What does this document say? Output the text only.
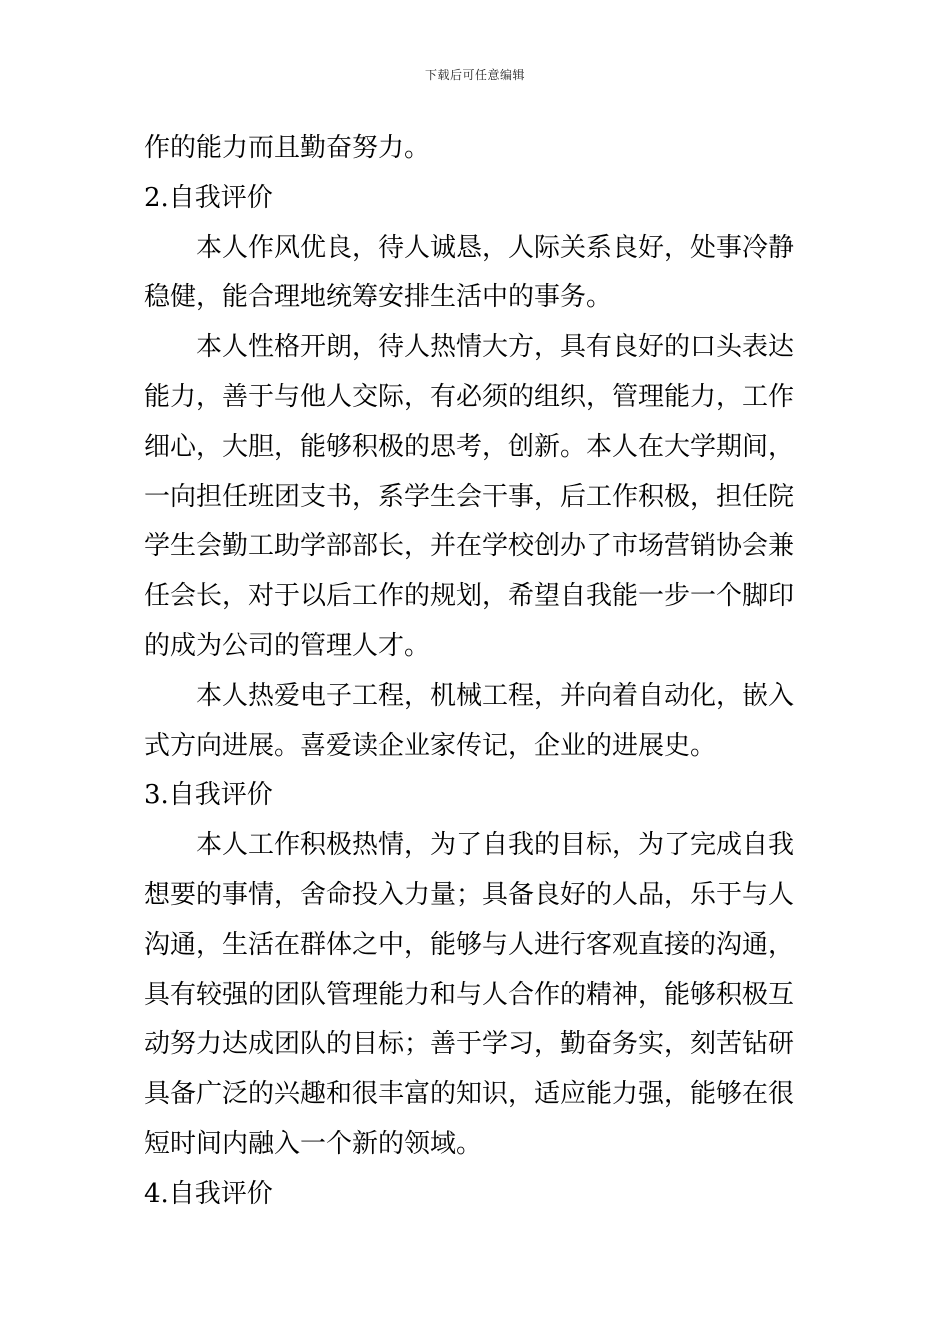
下载后可任意编辑
作的能力而且勤奋努力。
2.自我评价
本人作风优良，待人诚恳，人际关系良好，处事冷静
稳健，能合理地统筹安排生活中的事务。
本人性格开朗，待人热情大方，具有良好的口头表达
能力，善于与他人交际，有必须的组织，管理能力，工作
细心，大胆，能够积极的思考，创新。本人在大学期间，
一向担任班团支书，系学生会干事，后工作积极，担任院
学生会勤工助学部部长，并在学校创办了市场营销协会兼
任会长，对于以后工作的规划，希望自我能一步一个脚印
的成为公司的管理人才。
本人热爱电子工程，机械工程，并向着自动化，嵌入
式方向进展。喜爱读企业家传记，企业的进展史。
3.自我评价
本人工作积极热情，为了自我的目标，为了完成自我
想要的事情，舍命投入力量；具备良好的人品，乐于与人
沟通，生活在群体之中，能够与人进行客观直接的沟通，
具有较强的团队管理能力和与人合作的精神，能够积极互
动努力达成团队的目标；善于学习，勤奋务实，刻苦钻研
具备广泛的兴趣和很丰富的知识，适应能力强，能够在很
短时间内融入一个新的领域。
4.自我评价
